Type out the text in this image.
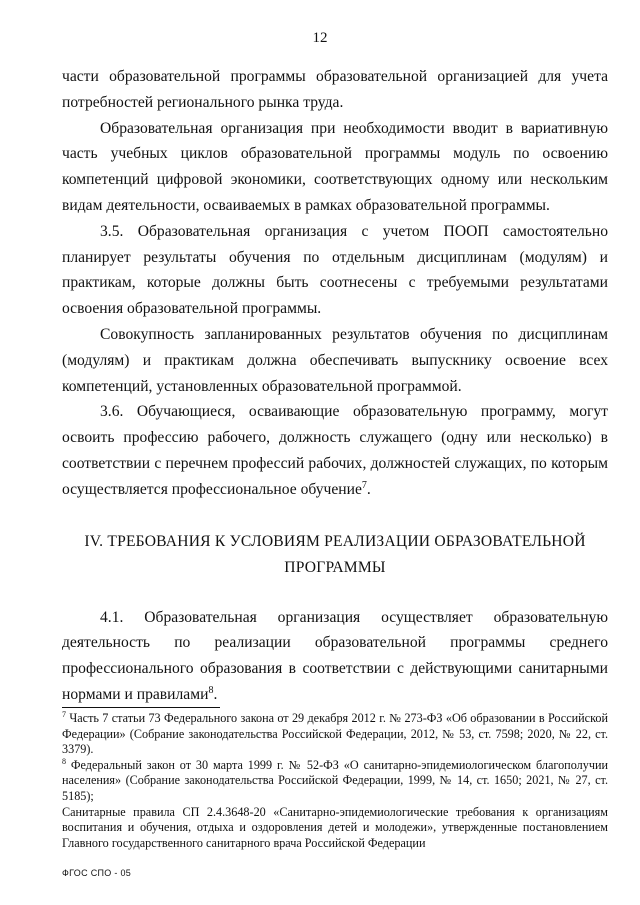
12

части образовательной программы образовательной организацией для учета потребностей регионального рынка труда.

Образовательная организация при необходимости вводит в вариативную часть учебных циклов образовательной программы модуль по освоению компетенций цифровой экономики, соответствующих одному или нескольким видам деятельности, осваиваемых в рамках образовательной программы.

3.5. Образовательная организация с учетом ПООП самостоятельно планирует результаты обучения по отдельным дисциплинам (модулям) и практикам, которые должны быть соотнесены с требуемыми результатами освоения образовательной программы.

Совокупность запланированных результатов обучения по дисциплинам (модулям) и практикам должна обеспечивать выпускнику освоение всех компетенций, установленных образовательной программой.

3.6. Обучающиеся, осваивающие образовательную программу, могут освоить профессию рабочего, должность служащего (одну или несколько) в соответствии с перечнем профессий рабочих, должностей служащих, по которым осуществляется профессиональное обучение$^7$.

IV. ТРЕБОВАНИЯ К УСЛОВИЯМ РЕАЛИЗАЦИИ ОБРАЗОВАТЕЛЬНОЙ
ПРОГРАММЫ

4.1. Образовательная организация осуществляет образовательную деятельность по реализации образовательной программы среднего профессионального образования в соответствии с действующими санитарными нормами и правилами$^8$.

$^7$ Часть 7 статьи 73 Федерального закона от 29 декабря 2012 г. № 273-ФЗ «Об образовании в Российской Федерации» (Собрание законодательства Российской Федерации, 2012, № 53, ст. 7598; 2020, № 22, ст. 3379).

$^8$ Федеральный закон от 30 марта 1999 г. № 52-ФЗ «О санитарно-эпидемиологическом благополучии населения» (Собрание законодательства Российской Федерации, 1999, № 14, ст. 1650; 2021, № 27, ст. 5185);

Санитарные правила СП 2.4.3648-20 «Санитарно-эпидемиологические требования к организациям воспитания и обучения, отдыха и оздоровления детей и молодежи», утвержденные постановлением Главного государственного санитарного врача Российской Федерации

ФГОС СПО - 05
